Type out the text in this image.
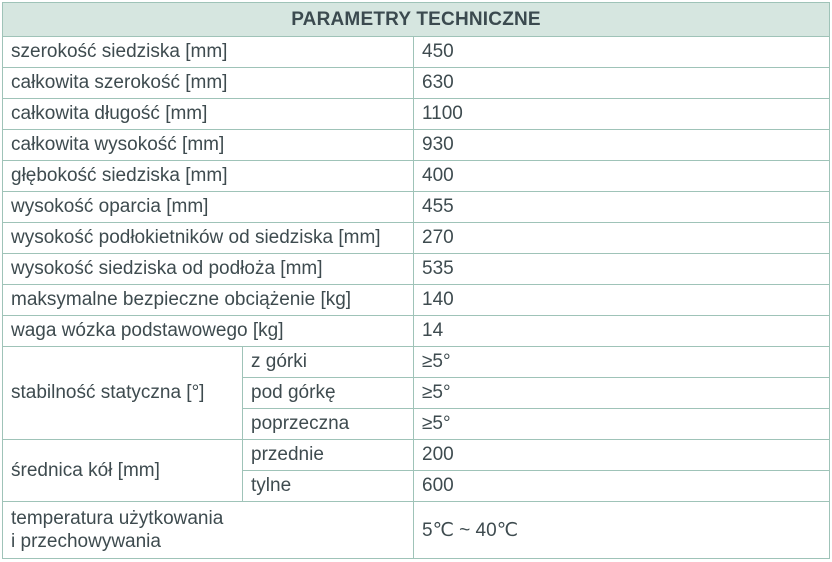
PARAMETRY TECHNICZNE		
szerokość siedziska [mm]		450
całkowita szerokość [mm]		630
całkowita długość [mm]		1100
całkowita wysokość [mm]		930
głębokość siedziska [mm]		400
wysokość oparcia [mm]		455
wysokość podłokietników od siedziska [mm]		270
wysokość siedziska od podłoża [mm]		535
maksymalne bezpieczne obciążenie [kg]		140
waga wózka podstawowego [kg]		14
stabilność statyczna [°]	z górki	≥5°
	pod górkę	≥5°
	poprzeczna	≥5°
średnica kół [mm]	przednie	200
	tylne	600
temperatura użytkowania
i przechowywania		5℃ ~ 40℃
